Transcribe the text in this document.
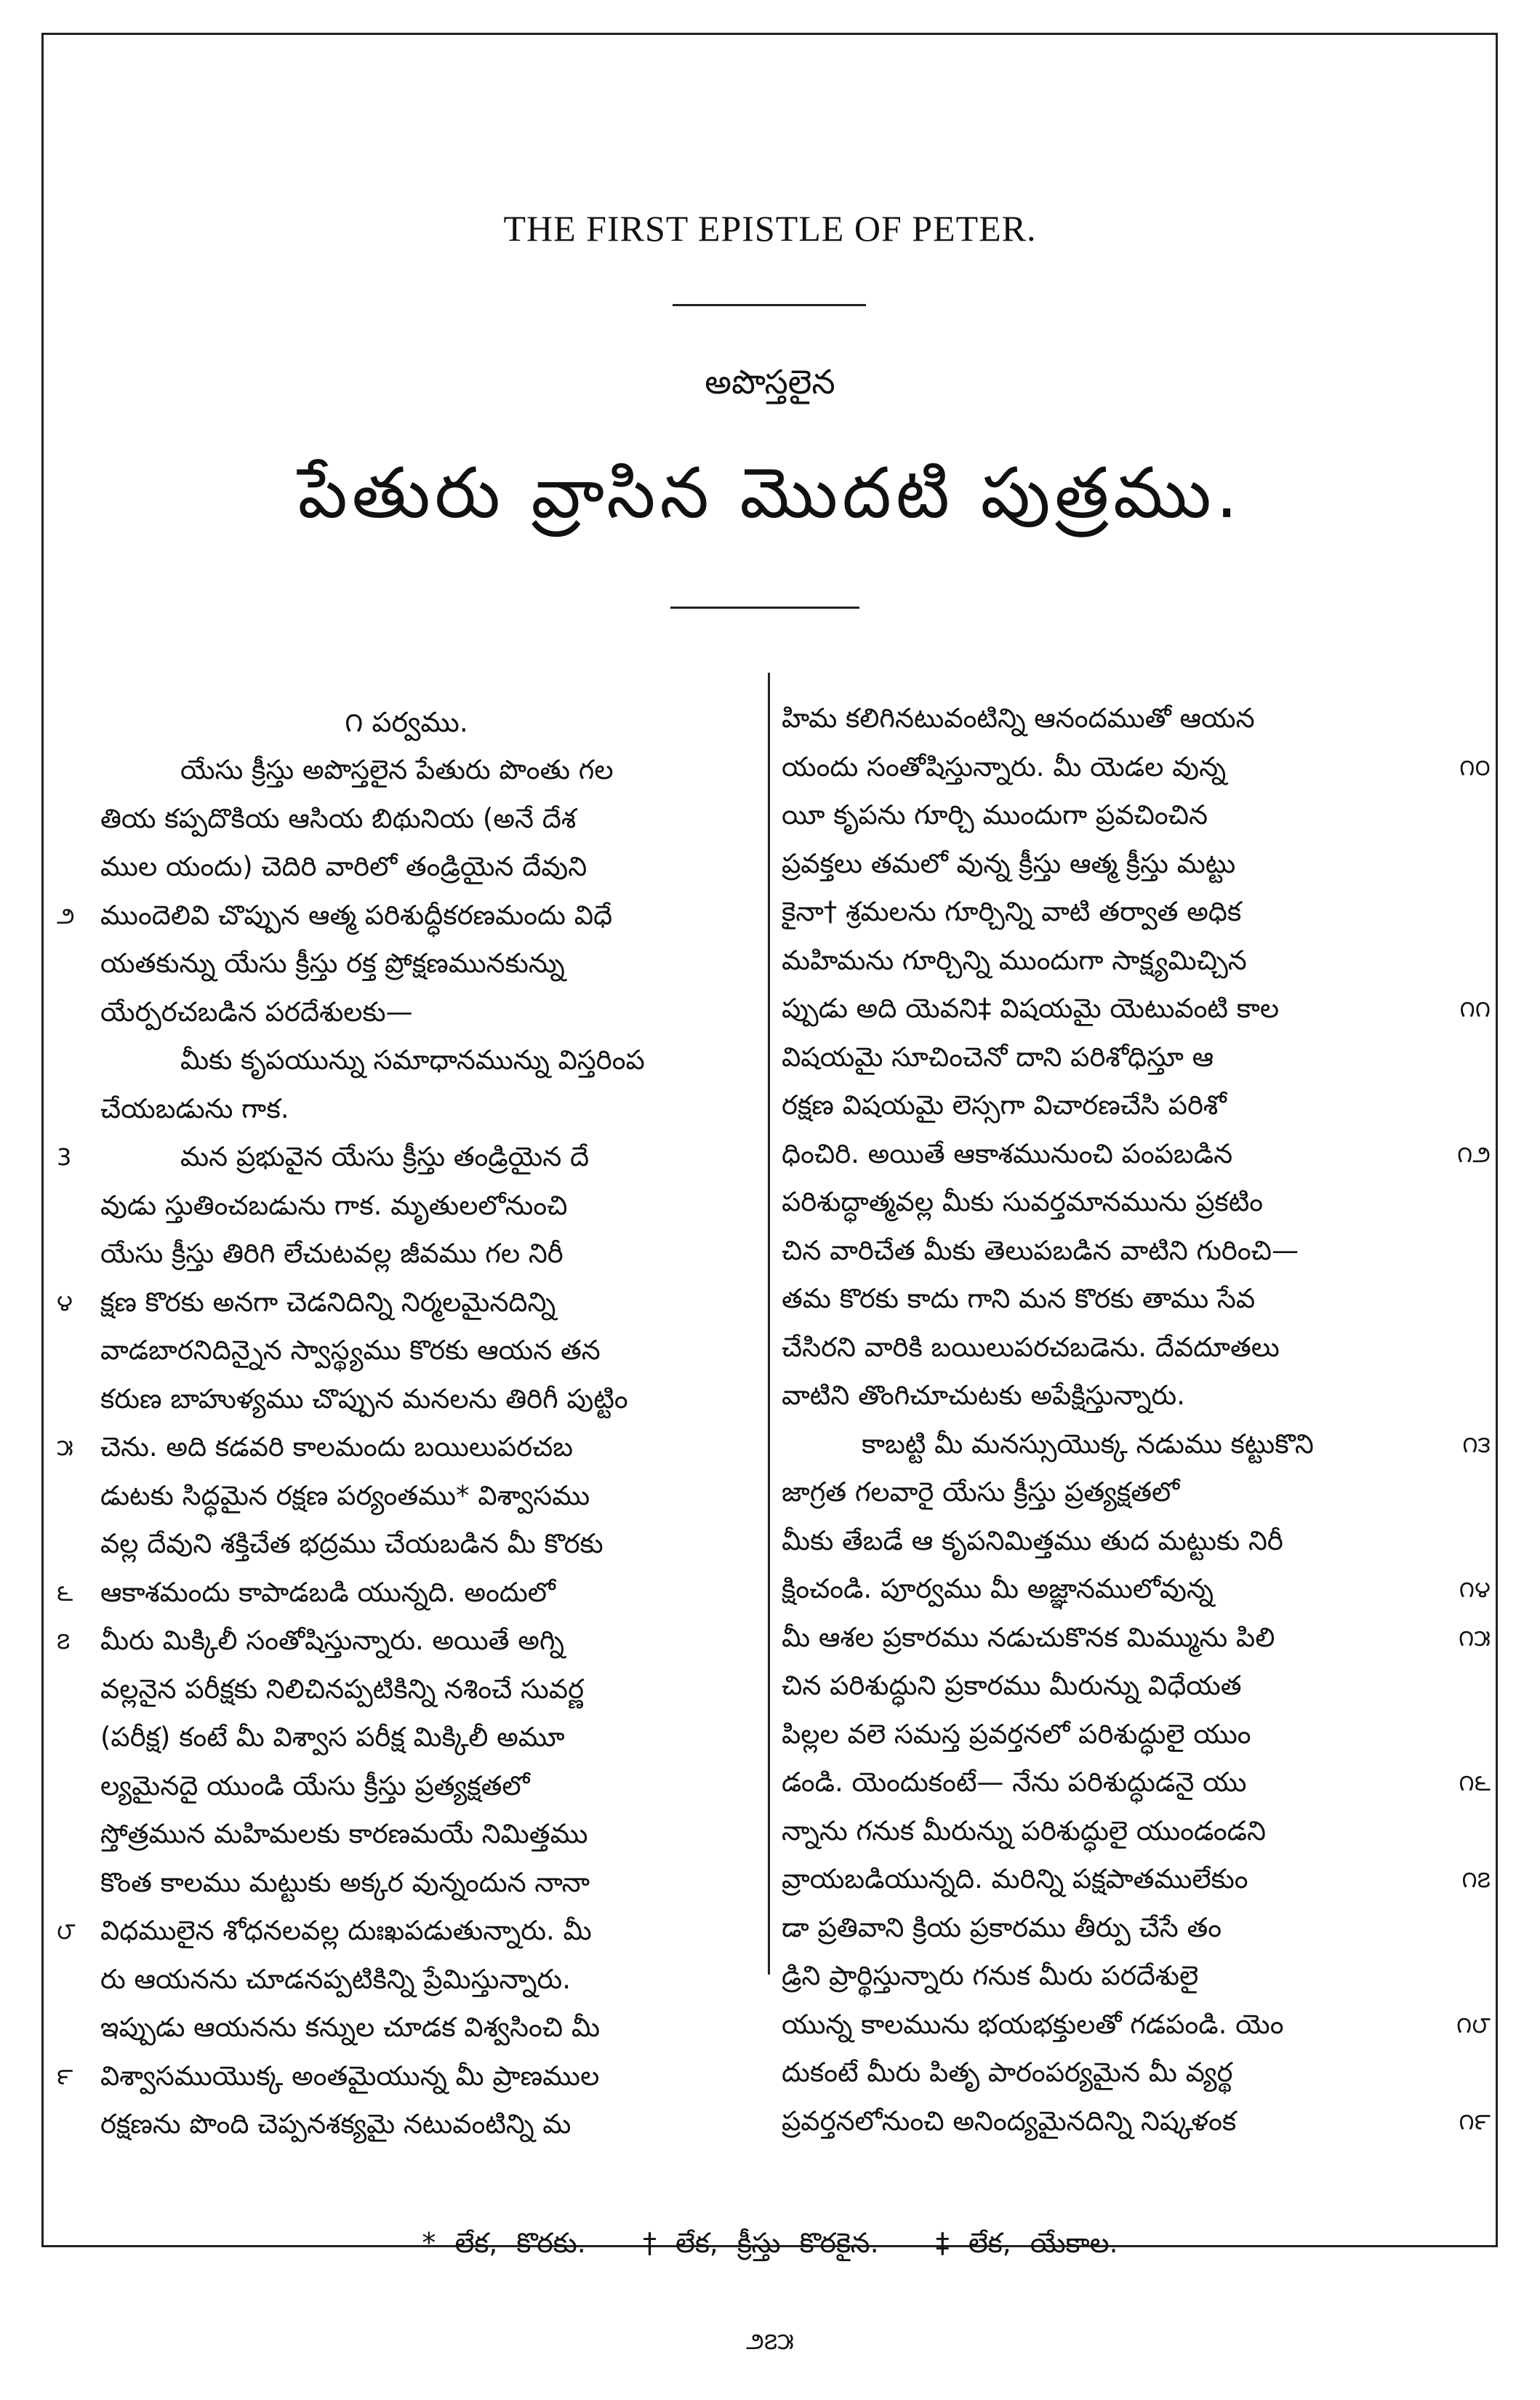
THE FIRST EPISTLE OF PETER.
అపొస్తలైన
పేతురు వ్రాసిన మొదటి పుత్రము.
౧ పర్వము.
యేసు క్రీస్తు అపొస్తలైన పేతురు పొంతు గల
తియ కప్పదొకియ ఆసియ బిథునియ (అనే దేశ
ముల యందు) చెదిరి వారిలో తండ్రియైన దేవుని
౨ ముందెలివి చొప్పున ఆత్మ పరిశుద్ధీకరణమందు విధే
యతకున్ను యేసు క్రీస్తు రక్త ప్రోక్షణమునకున్ను
యేర్పరచబడిన పరదేశులకు—
మీకు కృపయున్ను సమాధానమున్ను విస్తరింప
చేయబడును గాక.
3	మన ప్రభువైన యేసు క్రీస్తు తండ్రియైన దే
వుడు స్తుతించబడును గాక. మృతులలోనుంచి
యేసు క్రీస్తు తిరిగి లేచుటవల్ల జీవము గల నిరీ
౪ క్షణ కొరకు అనగా చెడనిదిన్ని నిర్మలమైనదిన్ని
వాడబారనిదిన్నైన స్వాస్థ్యము కొరకు ఆయన తన
కరుణ బాహుళ్యము చొప్పున మనలను తిరిగీ పుట్టిం
౫ చెను. అది కడవరి కాలమందు బయిలుపరచబ
డుటకు సిద్ధమైన రక్షణ పర్యంతము* విశ్వాసము
వల్ల దేవుని శక్తిచేత భద్రము చేయబడిన మీ కొరకు
౬ ఆకాశమందు కాపాడబడి యున్నది. అందులో
౭ మీరు మిక్కిలీ సంతోషిస్తున్నారు. అయితే అగ్ని
వల్లనైన పరీక్షకు నిలిచినప్పటికిన్ని నశించే సువర్ణ
(పరీక్ష) కంటే మీ విశ్వాస పరీక్ష మిక్కిలీ అమూ
ల్యమైనదై యుండి యేసు క్రీస్తు ప్రత్యక్షతలో
స్తోత్రమున మహిమలకు కారణమయే నిమిత్తము
కొంత కాలము మట్టుకు అక్కర వున్నందున నానా
౮ విధములైన శోధనలవల్ల దుఃఖపడుతున్నారు. మీ
రు ఆయనను చూడనప్పటికిన్ని ప్రేమిస్తున్నారు.
ఇప్పుడు ఆయనను కన్నుల చూడక విశ్వసించి మీ
౯ విశ్వాసముయొక్క అంతమైయున్న మీ ప్రాణముల
రక్షణను పొంది చెప్పనశక్యమై నటువంటిన్ని మ
హిమ కలిగినటువంటిన్ని ఆనందముతో ఆయన
౧౦
యందు సంతోషిస్తున్నారు. మీ యెడల వున్న
యీ కృపను గూర్చి ముందుగా ప్రవచించిన
ప్రవక్తలు తమలో వున్న క్రీస్తు ఆత్మ క్రీస్తు మట్టు
కైనా† శ్రమలను గూర్చిన్ని వాటి తర్వాత అధిక
మహిమను గూర్చిన్ని ముందుగా సాక్ష్యమిచ్చిన
౧౧
ప్పుడు అది యెవని‡ విషయమై యెటువంటి కాల
విషయమై సూచించెనో దాని పరిశోధిస్తూ ఆ
రక్షణ విషయమై లెస్సగా విచారణచేసి పరిశో
౧౨
ధించిరి. అయితే ఆకాశమునుంచి పంపబడిన
పరిశుద్ధాత్మవల్ల మీకు సువర్తమానమును ప్రకటిం
చిన వారిచేత మీకు తెలుపబడిన వాటిని గురించి—
తమ కొరకు కాదు గాని మన కొరకు తాము సేవ
చేసిరని వారికి బయిలుపరచబడెను. దేవదూతలు
వాటిని తొంగిచూచుటకు అపేక్షిస్తున్నారు.
౧౩
కాబట్టి మీ మనస్సుయొక్క నడుము కట్టుకొని
జాగ్రత గలవారై యేసు క్రీస్తు ప్రత్యక్షతలో
మీకు తేబడే ఆ కృపనిమిత్తము తుద మట్టుకు నిరీ
౧౪
క్షించండి. పూర్వము మీ అజ్ఞానములోవున్న
౧౫
మీ ఆశల ప్రకారము నడుచుకొనక మిమ్మును పిలి
చిన పరిశుద్ధుని ప్రకారము మీరున్ను విధేయత
పిల్లల వలె సమస్త ప్రవర్తనలో పరిశుద్ధులై యుం
౧౬
డండి. యెందుకంటే— నేను పరిశుద్ధుడనై యు
న్నాను గనుక మీరున్ను పరిశుద్ధులై యుండండని
౧౭
వ్రాయబడియున్నది. మరిన్ని పక్షపాతములేకుం
డా ప్రతివాని క్రియ ప్రకారము తీర్పు చేసే తం
డ్రిని ప్రార్థిస్తున్నారు గనుక మీరు పరదేశులై
౧౮
యున్న కాలమును భయభక్తులతో గడపండి. యెం
దుకంటే మీరు పితృ పారంపర్యమైన మీ వ్యర్థ
౧౯
ప్రవర్తనలోనుంచి అనింద్యమైనదిన్ని నిష్కళంక
* లేక, కొరకు. † లేక, క్రీస్తు కొరకైన. ‡ లేక, యేకాల.
౨౭౫
